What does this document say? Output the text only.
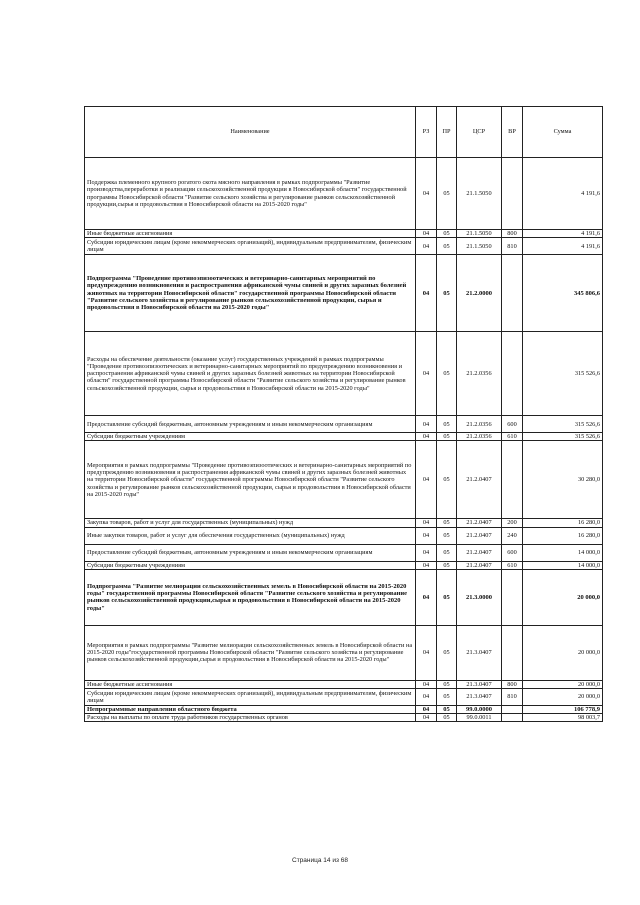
Наименование	РЗ	ПР	ЦСР	ВР	Сумма
Поддержка племенного крупного рогатого скота мясного направления в рамках подпрограммы "Развитие производства,переработки и реализации сельскохозяйственной продукции в Новосибирской области" государственной программы Новосибирской области "Развитие сельского хозяйства и регулирование рынков сельскохозяйственной продукции,сырья и продовольствия в Новосибирской области на 2015-2020 годы"	04	05	21.1.5050		4 191,6
Иные бюджетные ассигнования	04	05	21.1.5050	800	4 191,6
Субсидии юридическим лицам (кроме некоммерческих организаций), индивидуальным предпринимателям, физическим лицам	04	05	21.1.5050	810	4 191,6
Подпрограмма "Проведение противоэпизоотических и ветеринарно-санитарных мероприятий по предупреждению возникновения и распространения африканской чумы свиней и других заразных болезней животных на территории Новосибирской области" государственной программы Новосибирской области "Развитие сельского хозяйства и регулирование рынков сельскохозяйственной продукции, сырья и продовольствия в Новосибирской области на 2015-2020 годы"	04	05	21.2.0000		345 806,6
Расходы на обеспечение деятельности (оказание услуг) государственных учреждений в рамках подпрограммы "Проведение противоэпизоотических и ветеринарно-санитарных мероприятий по предупреждению возникновения и распространения африканской чумы свиней и других заразных болезней животных на территории Новосибирской области" государственной программы Новосибирской области "Развитие сельского хозяйства и регулирование рынков сельскохозяйственной продукции, сырья и продовольствия в Новосибирской области на 2015-2020 годы"	04	05	21.2.0356		315 526,6
Предоставление субсидий бюджетным, автономным учреждениям и иным некоммерческим организациям	04	05	21.2.0356	600	315 526,6
Субсидии бюджетным учреждениям	04	05	21.2.0356	610	315 526,6
Мероприятия в рамках подпрограммы "Проведение противоэпизоотических и ветеринарно-санитарных мероприятий по предупреждению возникновения и распространения африканской чумы свиней и других заразных болезней животных на территории Новосибирской области" государственной программы Новосибирской области "Развитие сельского хозяйства и регулирование рынков сельскохозяйственной продукции, сырья и продовольствия в Новосибирской области на 2015-2020 годы"	04	05	21.2.0407		30 280,0
Закупка товаров, работ и услуг для государственных (муниципальных) нужд	04	05	21.2.0407	200	16 280,0
Иные закупки товаров, работ и услуг для обеспечения государственных (муниципальных) нужд	04	05	21.2.0407	240	16 280,0
Предоставление субсидий бюджетным, автономным учреждениям и иным некоммерческим организациям	04	05	21.2.0407	600	14 000,0
Субсидии бюджетным учреждениям	04	05	21.2.0407	610	14 000,0
Подпрограмма "Развитие мелиорации сельскохозяйственных земель в Новосибирской области на 2015-2020 годы" государственной программы Новосибирской области "Развитие сельского хозяйства и регулирование рынков сельскохозяйственной продукции,сырья и продовольствия в Новосибирской области на 2015-2020 годы"	04	05	21.3.0000		20 000,0
Мероприятия в рамках подпрограммы "Развитие мелиорации сельскохозяйственных земель в Новосибирской области на 2015-2020 годы"государственной программы Новосибирской области "Развитие сельского хозяйства и регулирование рынков сельскохозяйственной продукции,сырья и продовольствия в Новосибирской области на 2015-2020 годы"	04	05	21.3.0407		20 000,0
Иные бюджетные ассигнования	04	05	21.3.0407	800	20 000,0
Субсидии юридическим лицам (кроме некоммерческих организаций), индивидуальным предпринимателям, физическим лицам	04	05	21.3.0407	810	20 000,0
Непрограммные направления областного бюджета	04	05	99.0.0000		106 778,9
Расходы на выплаты по оплате труда работников государственных органов	04	05	99.0.0011		98 003,7
Страница 14 из 68
